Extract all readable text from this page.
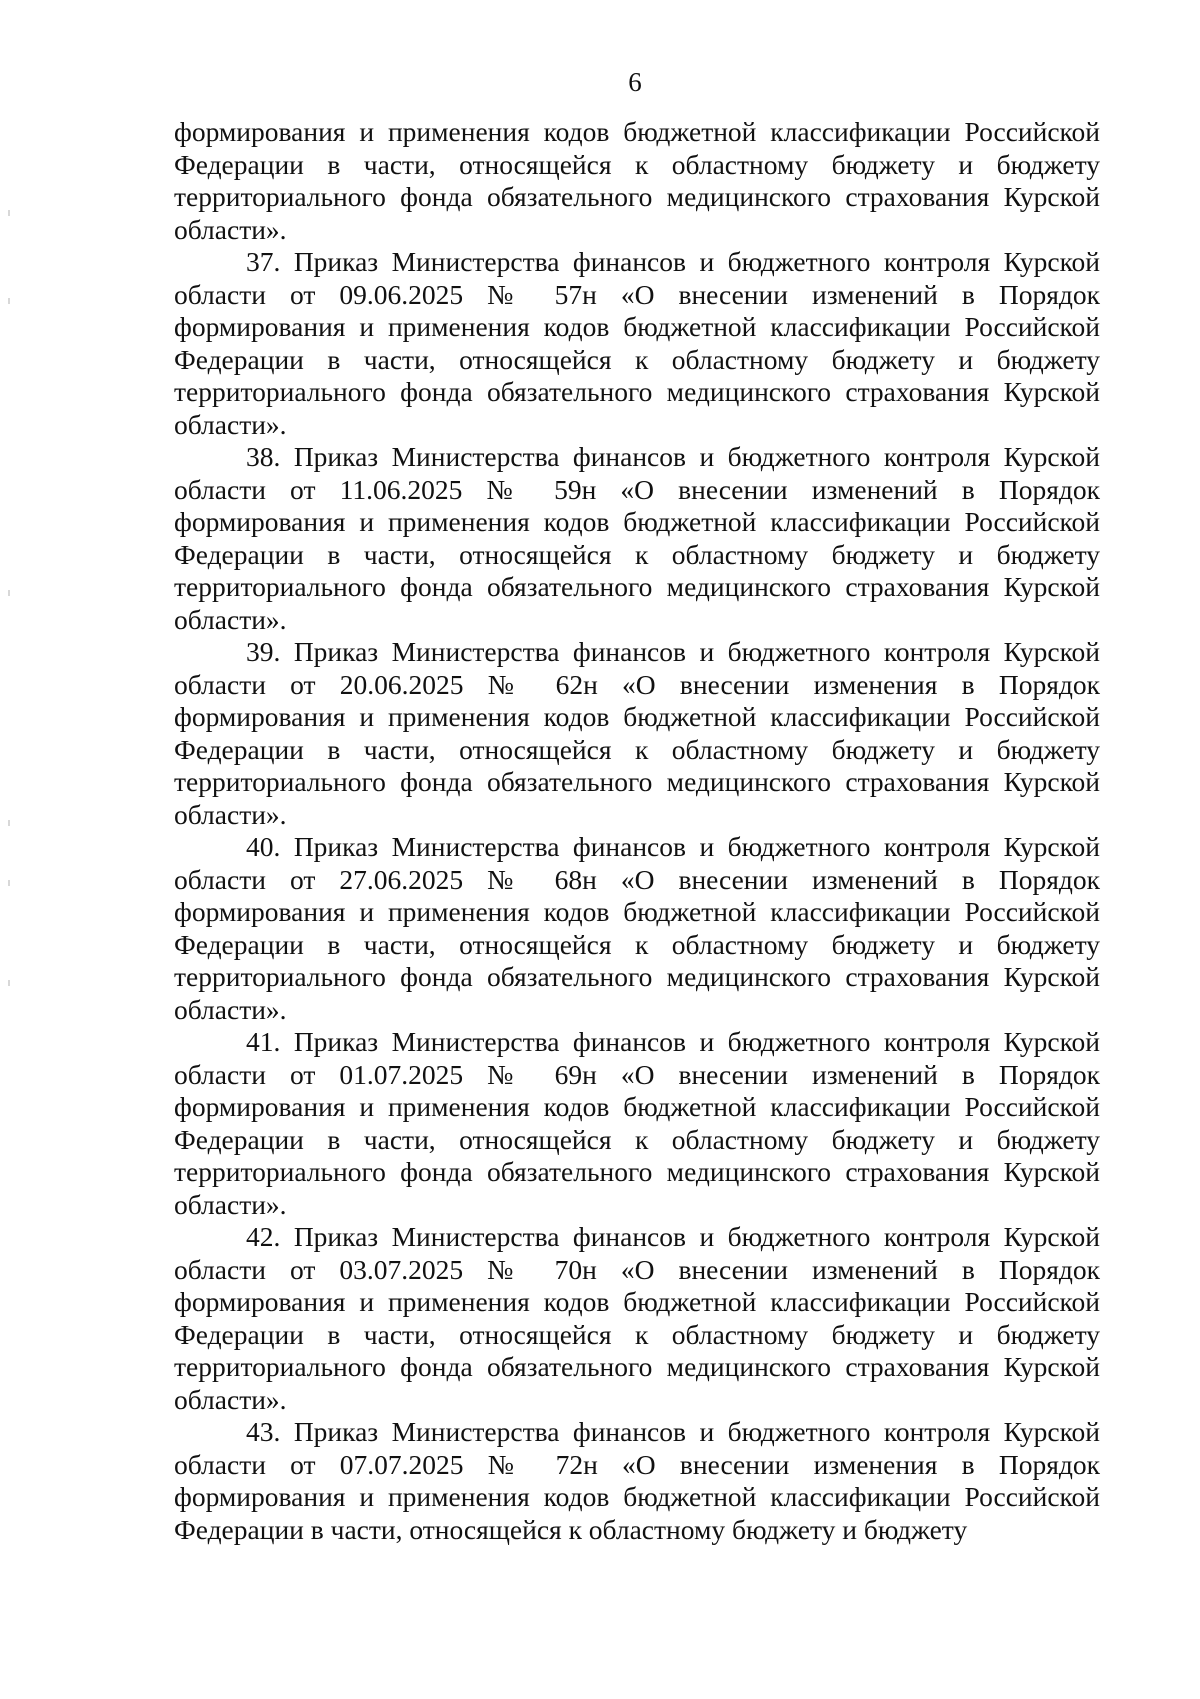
6

формирования и применения кодов бюджетной классификации Российской Федерации в части, относящейся к областному бюджету и бюджету территориального фонда обязательного медицинского страхования Курской области».

37. Приказ Министерства финансов и бюджетного контроля Курской области от 09.06.2025 № 57н «О внесении изменений в Порядок формирования и применения кодов бюджетной классификации Российской Федерации в части, относящейся к областному бюджету и бюджету территориального фонда обязательного медицинского страхования Курской области».

38. Приказ Министерства финансов и бюджетного контроля Курской области от 11.06.2025 № 59н «О внесении изменений в Порядок формирования и применения кодов бюджетной классификации Российской Федерации в части, относящейся к областному бюджету и бюджету территориального фонда обязательного медицинского страхования Курской области».

39. Приказ Министерства финансов и бюджетного контроля Курской области от 20.06.2025 № 62н «О внесении изменения в Порядок формирования и применения кодов бюджетной классификации Российской Федерации в части, относящейся к областному бюджету и бюджету территориального фонда обязательного медицинского страхования Курской области».

40. Приказ Министерства финансов и бюджетного контроля Курской области от 27.06.2025 № 68н «О внесении изменений в Порядок формирования и применения кодов бюджетной классификации Российской Федерации в части, относящейся к областному бюджету и бюджету территориального фонда обязательного медицинского страхования Курской области».

41. Приказ Министерства финансов и бюджетного контроля Курской области от 01.07.2025 № 69н «О внесении изменений в Порядок формирования и применения кодов бюджетной классификации Российской Федерации в части, относящейся к областному бюджету и бюджету территориального фонда обязательного медицинского страхования Курской области».

42. Приказ Министерства финансов и бюджетного контроля Курской области от 03.07.2025 № 70н «О внесении изменений в Порядок формирования и применения кодов бюджетной классификации Российской Федерации в части, относящейся к областному бюджету и бюджету территориального фонда обязательного медицинского страхования Курской области».

43. Приказ Министерства финансов и бюджетного контроля Курской области от 07.07.2025 № 72н «О внесении изменения в Порядок формирования и применения кодов бюджетной классификации Российской Федерации в части, относящейся к областному бюджету и бюджету
